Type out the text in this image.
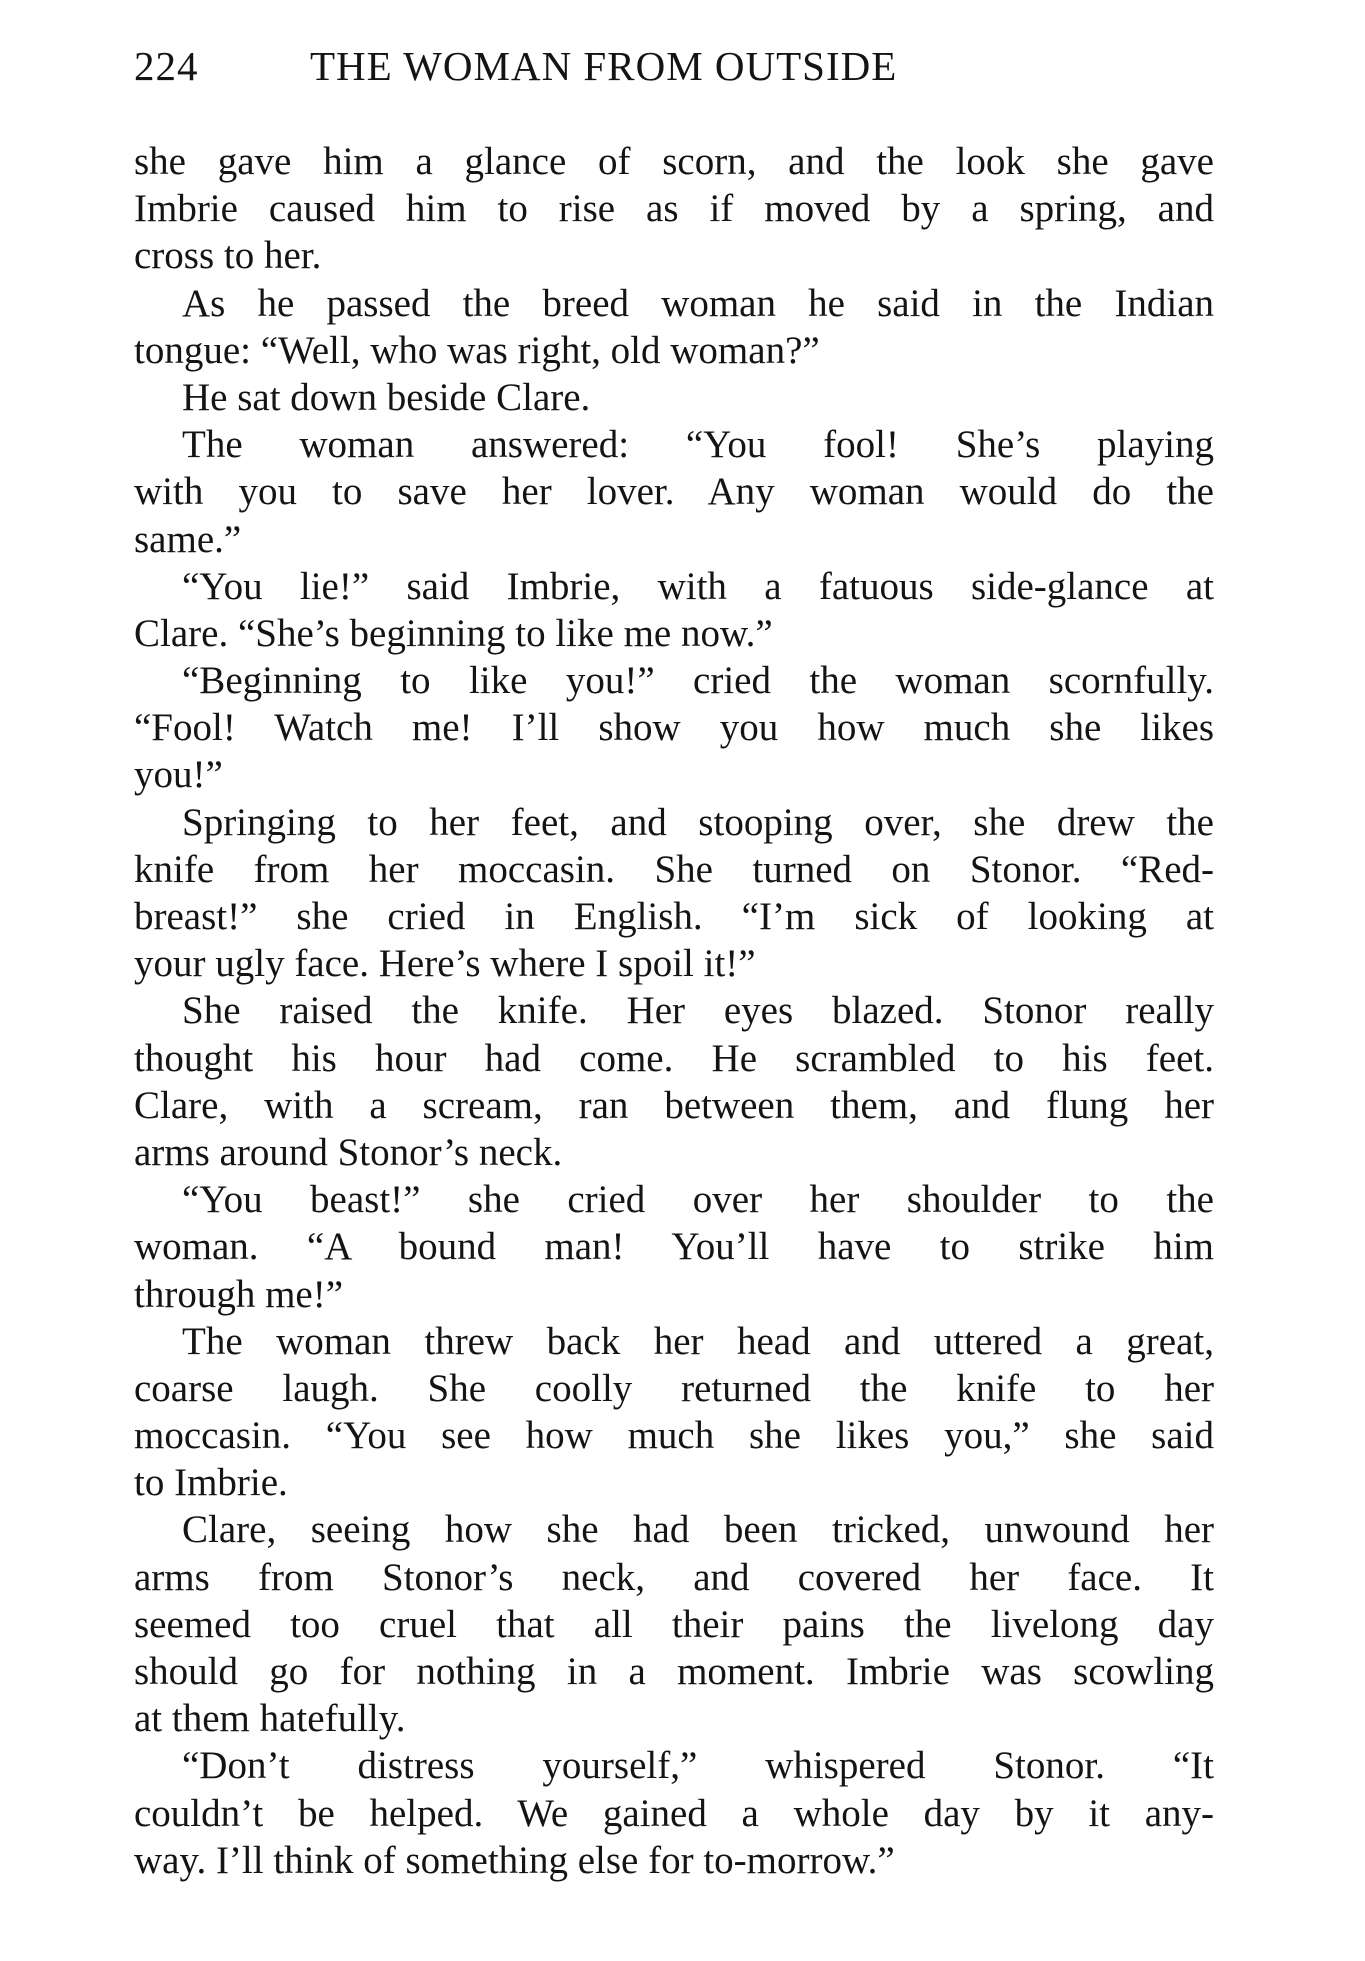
224	THE WOMAN FROM OUTSIDE
she gave him a glance of scorn, and the look she gave
Imbrie caused him to rise as if moved by a spring, and
cross to her.
As he passed the breed woman he said in the Indian
tongue: “Well, who was right, old woman?”
He sat down beside Clare.
The woman answered: “You fool! She’s playing
with you to save her lover. Any woman would do the
same.”
“You lie!” said Imbrie, with a fatuous side-glance at
Clare. “She’s beginning to like me now.”
“Beginning to like you!” cried the woman scornfully.
“Fool! Watch me! I’ll show you how much she likes
you!”
Springing to her feet, and stooping over, she drew the
knife from her moccasin. She turned on Stonor. “Red-
breast!” she cried in English. “I’m sick of looking at
your ugly face. Here’s where I spoil it!”
She raised the knife. Her eyes blazed. Stonor really
thought his hour had come. He scrambled to his feet.
Clare, with a scream, ran between them, and flung her
arms around Stonor’s neck.
“You beast!” she cried over her shoulder to the
woman. “A bound man! You’ll have to strike him
through me!”
The woman threw back her head and uttered a great,
coarse laugh. She coolly returned the knife to her
moccasin. “You see how much she likes you,” she said
to Imbrie.
Clare, seeing how she had been tricked, unwound her
arms from Stonor’s neck, and covered her face. It
seemed too cruel that all their pains the livelong day
should go for nothing in a moment. Imbrie was scowling
at them hatefully.
“Don’t distress yourself,” whispered Stonor. “It
couldn’t be helped. We gained a whole day by it any-
way. I’ll think of something else for to-morrow.”
